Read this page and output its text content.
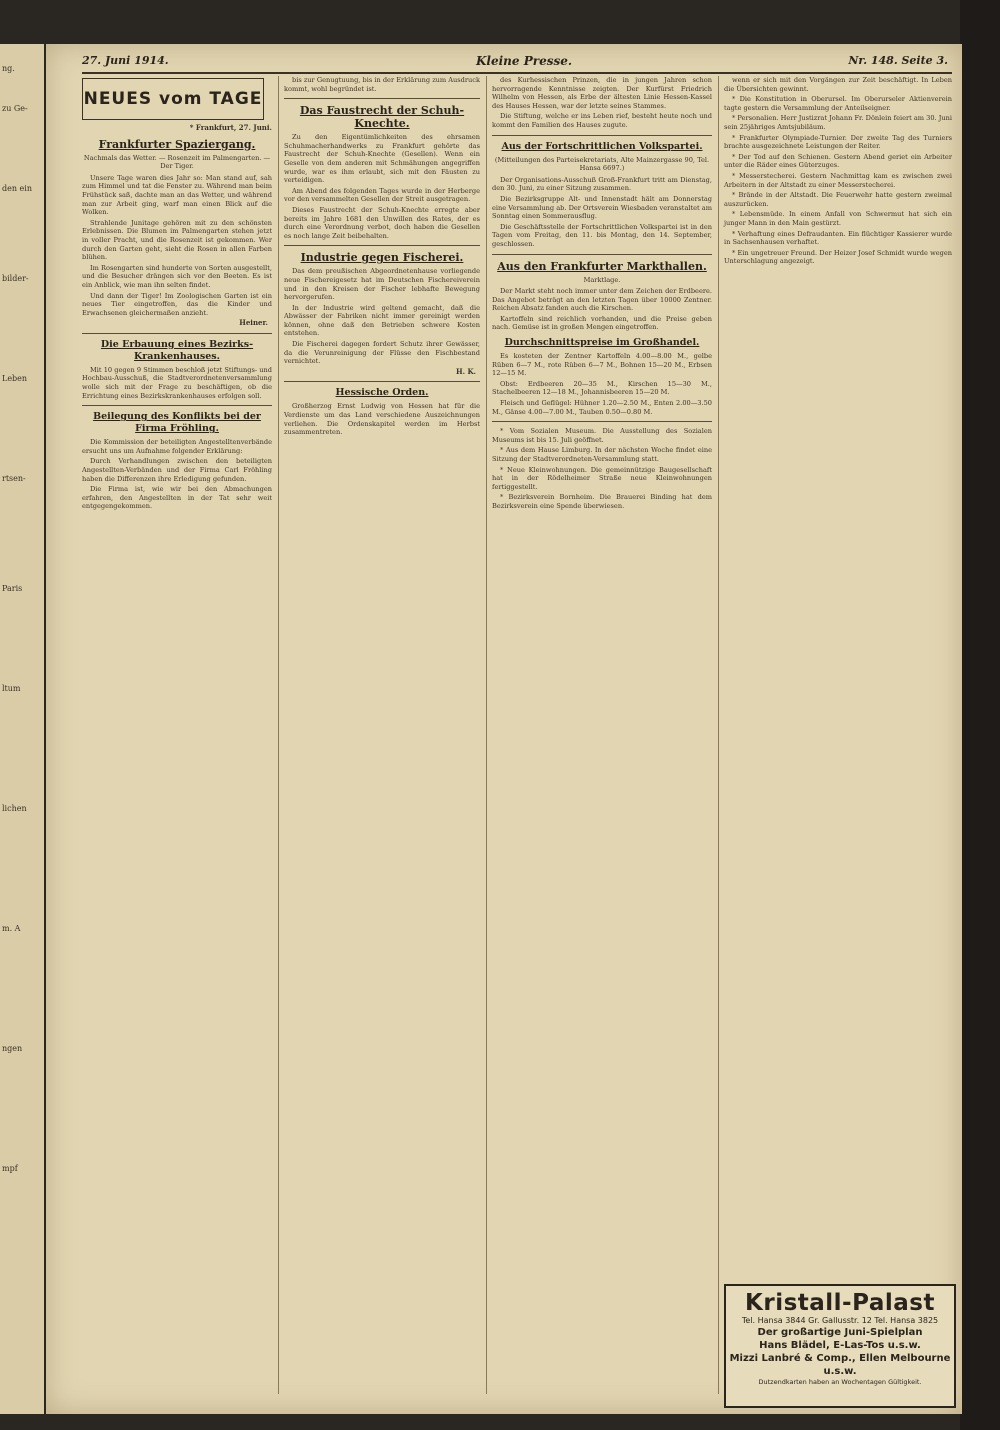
ng.
zu Ge-
den ein
bilder-
Leben
rtsen-
Paris
ltum
lichen
m. A
ngen
mpf
27. Juni 1914.	Kleine Presse.	Nr. 148. Seite 3.
NEUES vom TAGE
* Frankfurt, 27. Juni.
Frankfurter Spaziergang.
Nachmals das Wetter. — Rosenzeit im Palmengarten. — Der Tiger.

Unsere Tage waren dies Jahr so: Man stand auf, sah zum Himmel und tat die Fenster zu. Während man beim Frühstück saß, dachte man an das Wetter, und während man zur Arbeit ging, warf man einen Blick auf die Wolken.

Strahlende Junitage gehören mit zu den schönsten Erlebnissen. Die Blumen im Palmengarten stehen jetzt in voller Pracht, und die Rosenzeit ist gekommen. Wer durch den Garten geht, sieht die Rosen in allen Farben blühen.

Im Rosengarten sind hunderte von Sorten ausgestellt, und die Besucher drängen sich vor den Beeten. Es ist ein Anblick, wie man ihn selten findet.

Und dann der Tiger! Im Zoologischen Garten ist ein neues Tier eingetroffen, das die Kinder und Erwachsenen gleichermaßen anzieht.

Heiner.
Die Erbauung eines Bezirks-Krankenhauses.

Mit 10 gegen 9 Stimmen beschloß jetzt Stiftungs- und Hochbau-Ausschuß, die Stadtverordnetenversammlung wolle sich mit der Frage zu beschäftigen, ob die Errichtung eines Bezirkskrankenhauses erfolgen soll.

Beilegung des Konflikts bei der Firma Fröhling.

Die Kommission der beteiligten Angestelltenverbände ersucht uns um Aufnahme folgender Erklärung:

Durch Verhandlungen zwischen den beteiligten Angestellten-Verbänden und der Firma Carl Fröhling haben die Differenzen ihre Erledigung gefunden.

Die Firma ist, wie wir bei den Abmachungen erfahren, den Angestellten in der Tat sehr weit entgegengekommen.

bis zur Genugtuung, bis in der Erklärung zum Ausdruck kommt, wohl begründet ist.

Das Faustrecht der Schuh-Knechte.

Zu den Eigentümlichkeiten des ehrsamen Schuhmacherhandwerks zu Frankfurt gehörte das Faustrecht der Schuh-Knechte (Gesellen). Wenn ein Geselle von dem anderen mit Schmähungen angegriffen wurde, war es ihm erlaubt, sich mit den Fäusten zu verteidigen.

Am Abend des folgenden Tages wurde in der Herberge vor den versammelten Gesellen der Streit ausgetragen.

Dieses Faustrecht der Schuh-Knechte erregte aber bereits im Jahre 1681 den Unwillen des Rates, der es durch eine Verordnung verbot, doch haben die Gesellen es noch lange Zeit beibehalten.

Industrie gegen Fischerei.

Das dem preußischen Abgeordnetenhause vorliegende neue Fischereigesetz hat im Deutschen Fischereiverein und in den Kreisen der Fischer lebhafte Bewegung hervorgerufen.

In der Industrie wird geltend gemacht, daß die Abwässer der Fabriken nicht immer gereinigt werden können, ohne daß den Betrieben schwere Kosten entstehen.

Die Fischerei dagegen fordert Schutz ihrer Gewässer, da die Verunreinigung der Flüsse den Fischbestand vernichtet.

H. K.
Hessische Orden.

Großherzog Ernst Ludwig von Hessen hat für die Verdienste um das Land verschiedene Auszeichnungen verliehen. Die Ordenskapitel werden im Herbst zusammentreten.

des Kurhessischen Prinzen, die in jungen Jahren schon hervorragende Kenntnisse zeigten. Der Kurfürst Friedrich Wilhelm von Hessen, als Erbe der ältesten Linie Hessen-Kassel des Hauses Hessen, war der letzte seines Stammes.

Die Stiftung, welche er ins Leben rief, besteht heute noch und kommt den Familien des Hauses zugute.

Aus der Fortschrittlichen Volkspartei.
(Mitteilungen des Parteisekretariats, Alte Mainzergasse 90, Tel. Hansa 6697.)

Der Organisations-Ausschuß Groß-Frankfurt tritt am Dienstag, den 30. Juni, zu einer Sitzung zusammen.

Die Bezirksgruppe Alt- und Innenstadt hält am Donnerstag eine Versammlung ab. Der Ortsverein Wiesbaden veranstaltet am Sonntag einen Sommerausflug.

Die Geschäftsstelle der Fortschrittlichen Volkspartei ist in den Tagen vom Freitag, den 11. bis Montag, den 14. September, geschlossen.

Aus den Frankfurter Markthallen.
Marktlage.

Der Markt steht noch immer unter dem Zeichen der Erdbeere. Das Angebot beträgt an den letzten Tagen über 10000 Zentner. Reichen Absatz fanden auch die Kirschen.

Kartoffeln sind reichlich vorhanden, und die Preise geben nach. Gemüse ist in großen Mengen eingetroffen.

Durchschnittspreise im Großhandel.

Es kosteten der Zentner Kartoffeln 4.00—8.00 M., gelbe Rüben 6—7 M., rote Rüben 6—7 M., Bohnen 15—20 M., Erbsen 12—15 M.

Obst: Erdbeeren 20—35 M., Kirschen 15—30 M., Stachelbeeren 12—18 M., Johannisbeeren 15—20 M.

Fleisch und Geflügel: Hühner 1.20—2.50 M., Enten 2.00—3.50 M., Gänse 4.00—7.00 M., Tauben 0.50—0.80 M.

* Vom Sozialen Museum. Die Ausstellung des Sozialen Museums ist bis 15. Juli geöffnet.

* Aus dem Hause Limburg. In der nächsten Woche findet eine Sitzung der Stadtverordneten-Versammlung statt.

* Neue Kleinwohnungen. Die gemeinnützige Baugesellschaft hat in der Rödelheimer Straße neue Kleinwohnungen fertiggestellt.

* Bezirksverein Bornheim. Die Brauerei Binding hat dem Bezirksverein eine Spende überwiesen.

wenn er sich mit den Vorgängen zur Zeit beschäftigt. In Leben die Übersichten gewinnt.

* Die Konstitution in Oberursel. Im Oberurseler Aktienverein tagte gestern die Versammlung der Anteilseigner.

* Personalien. Herr Justizrat Johann Fr. Dönlein feiert am 30. Juni sein 25jähriges Amtsjubiläum.

* Frankfurter Olympiade-Turnier. Der zweite Tag des Turniers brachte ausgezeichnete Leistungen der Reiter.

* Der Tod auf den Schienen. Gestern Abend geriet ein Arbeiter unter die Räder eines Güterzuges.

* Messerstecherei. Gestern Nachmittag kam es zwischen zwei Arbeitern in der Altstadt zu einer Messerstecherei.

* Brände in der Altstadt. Die Feuerwehr hatte gestern zweimal auszurücken.

* Lebensmüde. In einem Anfall von Schwermut hat sich ein junger Mann in den Main gestürzt.

* Verhaftung eines Defraudanten. Ein flüchtiger Kassierer wurde in Sachsenhausen verhaftet.

* Ein ungetreuer Freund. Der Heizer Josef Schmidt wurde wegen Unterschlagung angezeigt.

Kristall-Palast
Tel. Hansa 3844 Gr. Gallusstr. 12 Tel. Hansa 3825
Der großartige Juni-Spielplan
Hans Blädel, E-Las-Tos u.s.w.
Mizzi Lanbré & Comp., Ellen Melbourne u.s.w.
Dutzendkarten haben an Wochentagen Gültigkeit.
